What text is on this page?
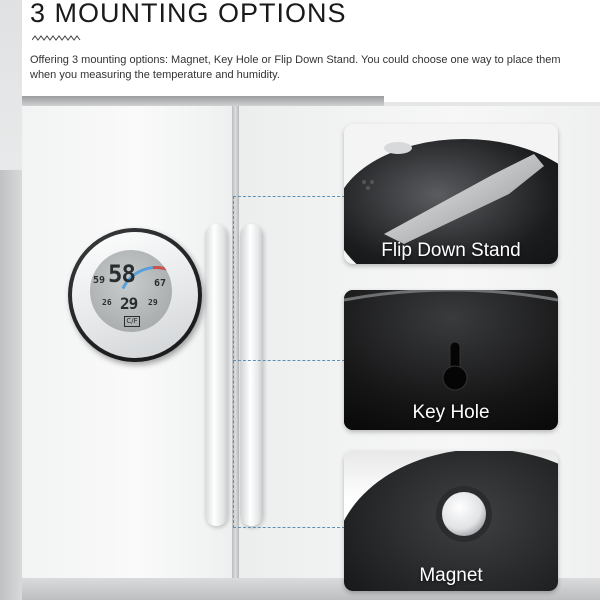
3 MOUNTING OPTIONS
Offering 3 mounting options: Magnet, Key Hole or Flip Down Stand. You could choose one way to place them when you measuring the temperature and humidity.
58
59	67
29
26	29
C/F
Flip Down Stand
Key Hole
Magnet
